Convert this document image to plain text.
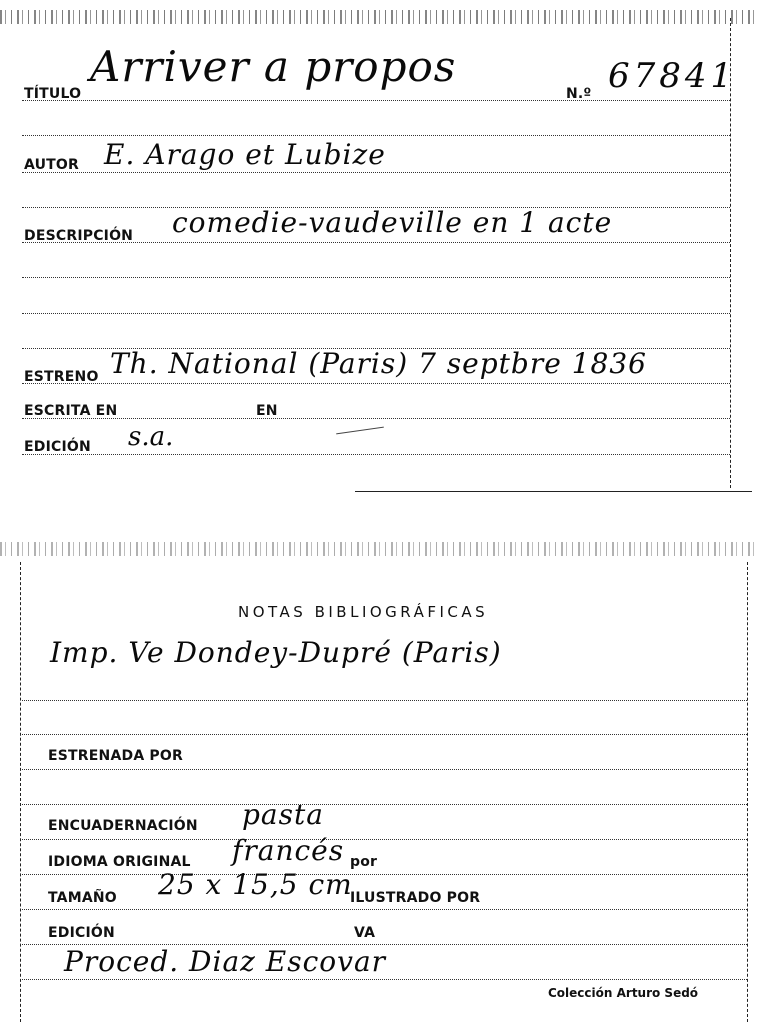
TÍTULO
Arriver a propos
N.º 67841
AUTOR E. Arago et Lubize
DESCRIPCIÓN comedie-vaudeville en 1 acte
ESTRENO Th. National (Paris) 7 septbre 1836
ESCRITA EN	EN
EDICIÓN s.a.
NOTAS BIBLIOGRÁFICAS
Imp. Ve Dondey-Dupré (Paris)
ESTRENADA POR
ENCUADERNACIÓN pasta
IDIOMA ORIGINAL francés por
TAMAÑO 25 x 15,5 cm
ILUSTRADO POR
EDICIÓN	VA
Proced. Diaz Escovar
Colección Arturo Sedó
